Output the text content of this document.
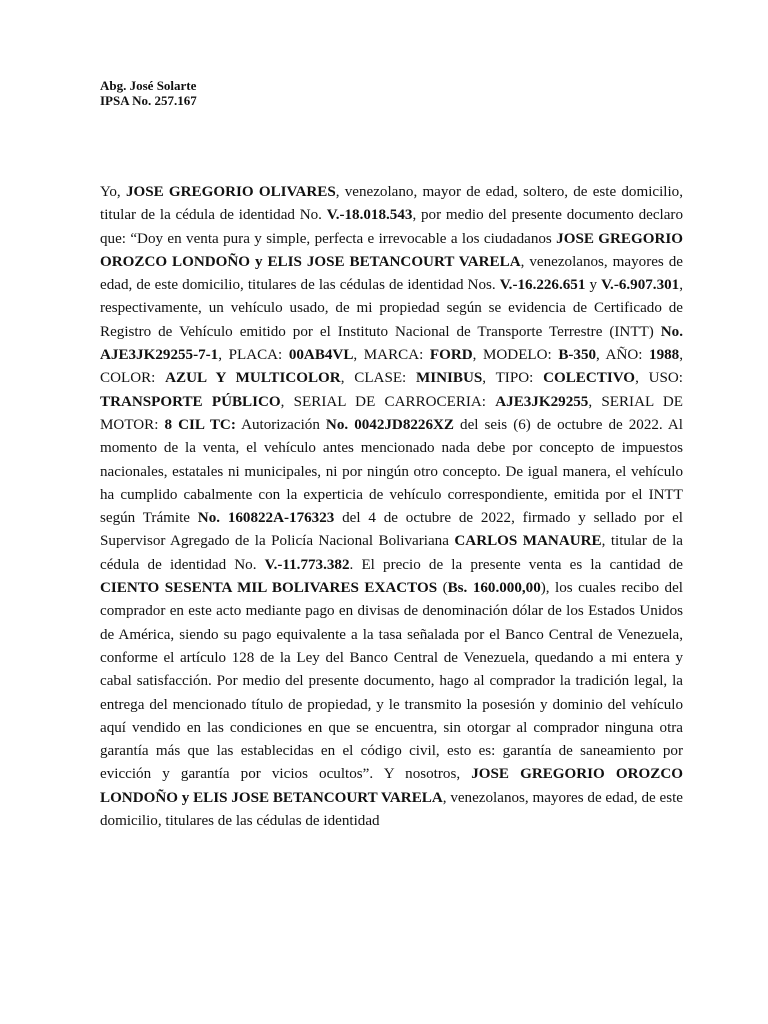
Abg. José Solarte
IPSA No. 257.167

Yo, JOSE GREGORIO OLIVARES, venezolano, mayor de edad, soltero, de este domicilio, titular de la cédula de identidad No. V.-18.018.543, por medio del presente documento declaro que: “Doy en venta pura y simple, perfecta e irrevocable a los ciudadanos JOSE GREGORIO OROZCO LONDOÑO y ELIS JOSE BETANCOURT VARELA, venezolanos, mayores de edad, de este domicilio, titulares de las cédulas de identidad Nos. V.-16.226.651 y V.-6.907.301, respectivamente, un vehículo usado, de mi propiedad según se evidencia de Certificado de Registro de Vehículo emitido por el Instituto Nacional de Transporte Terrestre (INTT) No. AJE3JK29255-7-1, PLACA: 00AB4VL, MARCA: FORD, MODELO: B-350, AÑO: 1988, COLOR: AZUL Y MULTICOLOR, CLASE: MINIBUS, TIPO: COLECTIVO, USO: TRANSPORTE PÚBLICO, SERIAL DE CARROCERIA: AJE3JK29255, SERIAL DE MOTOR: 8 CIL TC: Autorización No. 0042JD8226XZ del seis (6) de octubre de 2022. Al momento de la venta, el vehículo antes mencionado nada debe por concepto de impuestos nacionales, estatales ni municipales, ni por ningún otro concepto. De igual manera, el vehículo ha cumplido cabalmente con la experticia de vehículo correspondiente, emitida por el INTT según Trámite No. 160822A-176323 del 4 de octubre de 2022, firmado y sellado por el Supervisor Agregado de la Policía Nacional Bolivariana CARLOS MANAURE, titular de la cédula de identidad No. V.-11.773.382. El precio de la presente venta es la cantidad de CIENTO SESENTA MIL BOLIVARES EXACTOS (Bs. 160.000,00), los cuales recibo del comprador en este acto mediante pago en divisas de denominación dólar de los Estados Unidos de América, siendo su pago equivalente a la tasa señalada por el Banco Central de Venezuela, conforme el artículo 128 de la Ley del Banco Central de Venezuela, quedando a mi entera y cabal satisfacción. Por medio del presente documento, hago al comprador la tradición legal, la entrega del mencionado título de propiedad, y le transmito la posesión y dominio del vehículo aquí vendido en las condiciones en que se encuentra, sin otorgar al comprador ninguna otra garantía más que las establecidas en el código civil, esto es: garantía de saneamiento por evicción y garantía por vicios ocultos”. Y nosotros, JOSE GREGORIO OROZCO LONDOÑO y ELIS JOSE BETANCOURT VARELA, venezolanos, mayores de edad, de este domicilio, titulares de las cédulas de identidad
